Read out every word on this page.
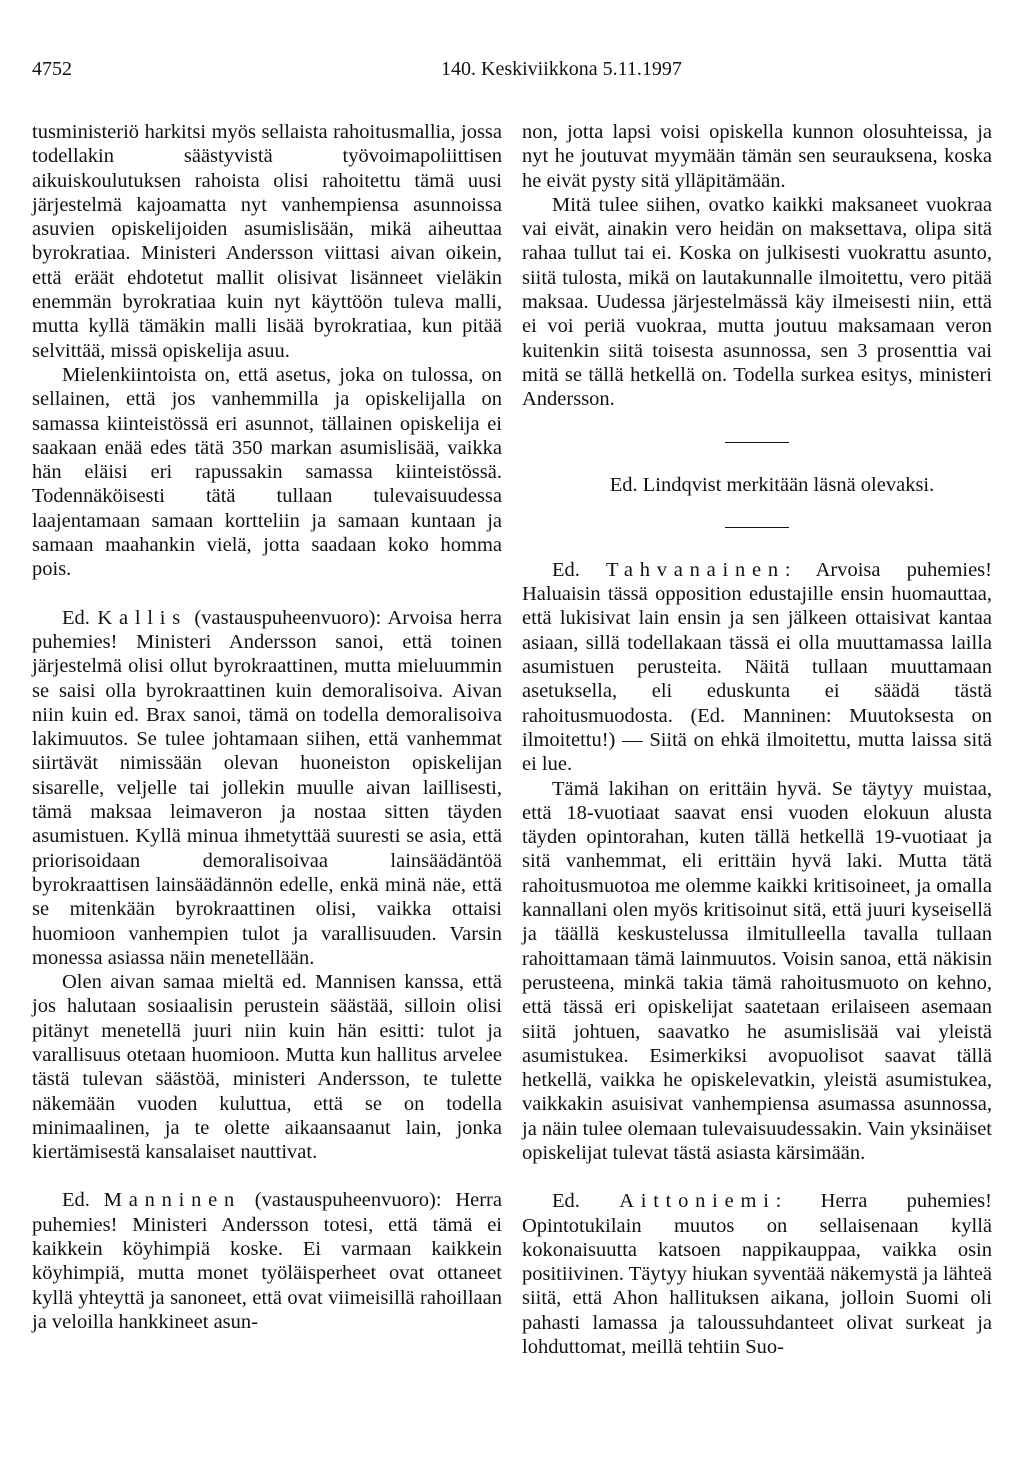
4752	140. Keskiviikkona 5.11.1997

tusministeriö harkitsi myös sellaista rahoitusmallia, jossa todellakin säästyvistä työvoimapoliittisen aikuiskoulutuksen rahoista olisi rahoitettu tämä uusi järjestelmä kajoamatta nyt vanhempiensa asunnoissa asuvien opiskelijoiden asumislisään, mikä aiheuttaa byrokratiaa. Ministeri Andersson viittasi aivan oikein, että eräät ehdotetut mallit olisivat lisänneet vieläkin enemmän byrokratiaa kuin nyt käyttöön tuleva malli, mutta kyllä tämäkin malli lisää byrokratiaa, kun pitää selvittää, missä opiskelija asuu.

Mielenkiintoista on, että asetus, joka on tulossa, on sellainen, että jos vanhemmilla ja opiskelijalla on samassa kiinteistössä eri asunnot, tällainen opiskelija ei saakaan enää edes tätä 350 markan asumislisää, vaikka hän eläisi eri rapussakin samassa kiinteistössä. Todennäköisesti tätä tullaan tulevaisuudessa laajentamaan samaan kortteliin ja samaan kuntaan ja samaan maahankin vielä, jotta saadaan koko homma pois.

Ed. Kallis (vastauspuheenvuoro): Arvoisa herra puhemies! Ministeri Andersson sanoi, että toinen järjestelmä olisi ollut byrokraattinen, mutta mieluummin se saisi olla byrokraattinen kuin demoralisoiva. Aivan niin kuin ed. Brax sanoi, tämä on todella demoralisoiva lakimuutos. Se tulee johtamaan siihen, että vanhemmat siirtävät nimissään olevan huoneiston opiskelijan sisarelle, veljelle tai jollekin muulle aivan laillisesti, tämä maksaa leimaveron ja nostaa sitten täyden asumistuen. Kyllä minua ihmetyttää suuresti se asia, että priorisoidaan demoralisoivaa lainsäädäntöä byrokraattisen lainsäädännön edelle, enkä minä näe, että se mitenkään byrokraattinen olisi, vaikka ottaisi huomioon vanhempien tulot ja varallisuuden. Varsin monessa asiassa näin menetellään.

Olen aivan samaa mieltä ed. Mannisen kanssa, että jos halutaan sosiaalisin perustein säästää, silloin olisi pitänyt menetellä juuri niin kuin hän esitti: tulot ja varallisuus otetaan huomioon. Mutta kun hallitus arvelee tästä tulevan säästöä, ministeri Andersson, te tulette näkemään vuoden kuluttua, että se on todella minimaalinen, ja te olette aikaansaanut lain, jonka kiertämisestä kansalaiset nauttivat.

Ed. Manninen (vastauspuheenvuoro): Herra puhemies! Ministeri Andersson totesi, että tämä ei kaikkein köyhimpiä koske. Ei varmaan kaikkein köyhimpiä, mutta monet työläisperheet ovat ottaneet kyllä yhteyttä ja sanoneet, että ovat viimeisillä rahoillaan ja veloilla hankkineet asun-

non, jotta lapsi voisi opiskella kunnon olosuhteissa, ja nyt he joutuvat myymään tämän sen seurauksena, koska he eivät pysty sitä ylläpitämään.

Mitä tulee siihen, ovatko kaikki maksaneet vuokraa vai eivät, ainakin vero heidän on maksettava, olipa sitä rahaa tullut tai ei. Koska on julkisesti vuokrattu asunto, siitä tulosta, mikä on lautakunnalle ilmoitettu, vero pitää maksaa. Uudessa järjestelmässä käy ilmeisesti niin, että ei voi periä vuokraa, mutta joutuu maksamaan veron kuitenkin siitä toisesta asunnossa, sen 3 prosenttia vai mitä se tällä hetkellä on. Todella surkea esitys, ministeri Andersson.

Ed. Lindqvist merkitään läsnä olevaksi.

Ed. Tahvanainen: Arvoisa puhemies! Haluaisin tässä opposition edustajille ensin huomauttaa, että lukisivat lain ensin ja sen jälkeen ottaisivat kantaa asiaan, sillä todellakaan tässä ei olla muuttamassa lailla asumistuen perusteita. Näitä tullaan muuttamaan asetuksella, eli eduskunta ei säädä tästä rahoitusmuodosta. (Ed. Manninen: Muutoksesta on ilmoitettu!) — Siitä on ehkä ilmoitettu, mutta laissa sitä ei lue.

Tämä lakihan on erittäin hyvä. Se täytyy muistaa, että 18-vuotiaat saavat ensi vuoden elokuun alusta täyden opintorahan, kuten tällä hetkellä 19-vuotiaat ja sitä vanhemmat, eli erittäin hyvä laki. Mutta tätä rahoitusmuotoa me olemme kaikki kritisoineet, ja omalla kannallani olen myös kritisoinut sitä, että juuri kyseisellä ja täällä keskustelussa ilmitulleella tavalla tullaan rahoittamaan tämä lainmuutos. Voisin sanoa, että näkisin perusteena, minkä takia tämä rahoitusmuoto on kehno, että tässä eri opiskelijat saatetaan erilaiseen asemaan siitä johtuen, saavatko he asumislisää vai yleistä asumistukea. Esimerkiksi avopuolisot saavat tällä hetkellä, vaikka he opiskelevatkin, yleistä asumistukea, vaikkakin asuisivat vanhempiensa asumassa asunnossa, ja näin tulee olemaan tulevaisuudessakin. Vain yksinäiset opiskelijat tulevat tästä asiasta kärsimään.

Ed. Aittoniemi: Herra puhemies! Opintotukilain muutos on sellaisenaan kyllä kokonaisuutta katsoen nappikauppaa, vaikka osin positiivinen. Täytyy hiukan syventää näkemystä ja lähteä siitä, että Ahon hallituksen aikana, jolloin Suomi oli pahasti lamassa ja taloussuhdanteet olivat surkeat ja lohduttomat, meillä tehtiin Suo-
